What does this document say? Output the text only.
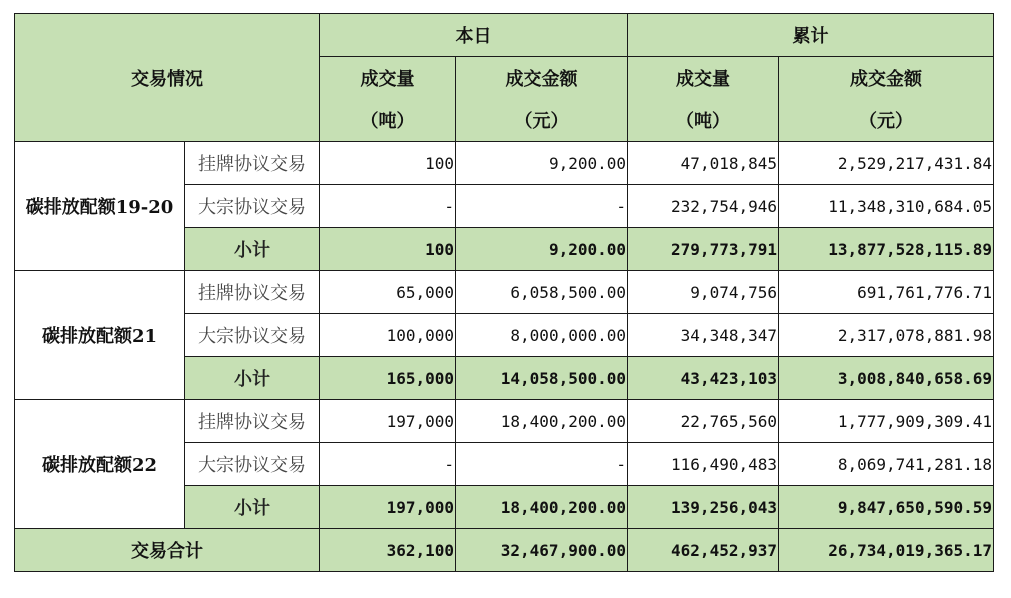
交易情况		本日		累计	
		成交量	成交金额	成交量	成交金额
		（吨）	（元）	（吨）	（元）
碳排放配额19-20	挂牌协议交易	100	9,200.00	47,018,845	2,529,217,431.84
	大宗协议交易	-	-	232,754,946	11,348,310,684.05
	小计	100	9,200.00	279,773,791	13,877,528,115.89
碳排放配额21	挂牌协议交易	65,000	6,058,500.00	9,074,756	691,761,776.71
	大宗协议交易	100,000	8,000,000.00	34,348,347	2,317,078,881.98
	小计	165,000	14,058,500.00	43,423,103	3,008,840,658.69
碳排放配额22	挂牌协议交易	197,000	18,400,200.00	22,765,560	1,777,909,309.41
	大宗协议交易	-	-	116,490,483	8,069,741,281.18
	小计	197,000	18,400,200.00	139,256,043	9,847,650,590.59
交易合计		362,100	32,467,900.00	462,452,937	26,734,019,365.17
